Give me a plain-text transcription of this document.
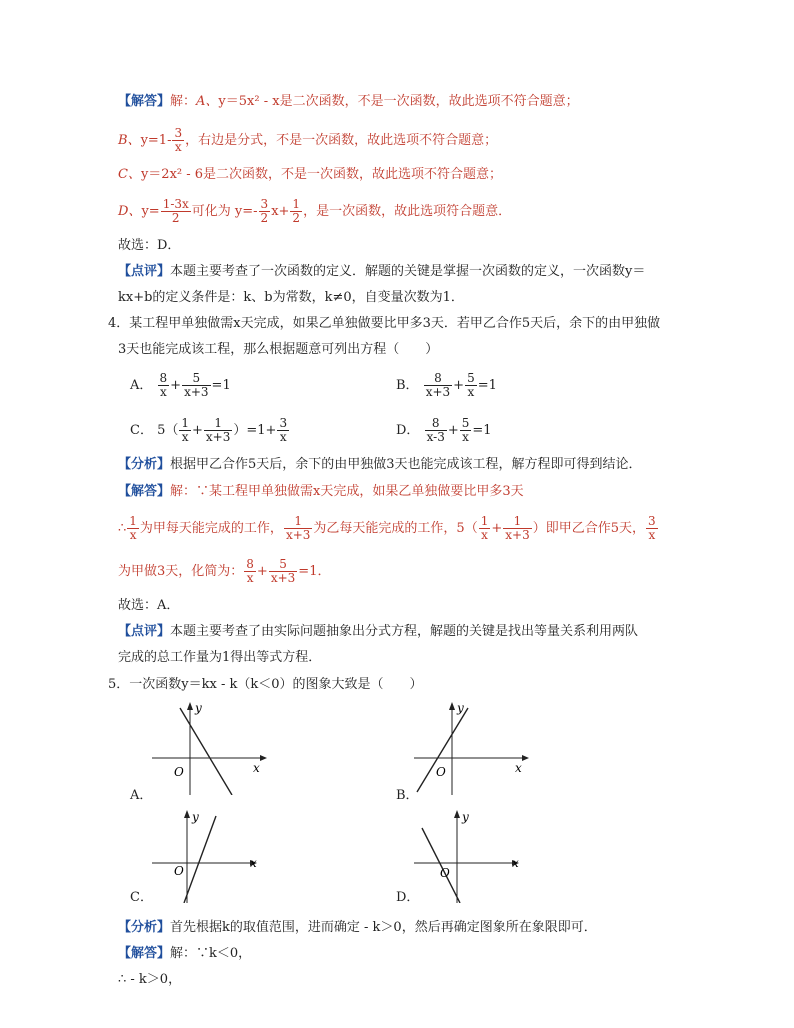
【解答】解：A、y＝5x² - x是二次函数，不是一次函数，故此选项不符合题意；
B、$y=1- \frac{3}{x}$ ，右边是分式，不是一次函数，故此选项不符合题意；
C、y＝2x² - 6是二次函数，不是一次函数，故此选项不符合题意；
D、$y= \frac{1-3x}{2}$ 可化为 $y=- \frac{3}{2} x+ \frac{1}{2}$ ，是一次函数，故此选项符合题意．
故选：D．
【点评】本题主要考查了一次函数的定义．解题的关键是掌握一次函数的定义，一次函数y＝
kx+b的定义条件是：k、b为常数，k≠0，自变量次数为1．
4．某工程甲单独做需x天完成，如果乙单独做要比甲多3天．若甲乙合作5天后，余下的由甲独做
3天也能完成该工程，那么根据题意可列出方程（　　）
A． $\frac{8}{x} + \frac{5}{x+3} =1$	B． $\frac{8}{x+3} + \frac{5}{x} =1$
C． $5( \frac{1}{x} + \frac{1}{x+3} )=1+ \frac{3}{x}$	D． $\frac{8}{x-3} + \frac{5}{x} =1$
【分析】根据甲乙合作5天后，余下的由甲独做3天也能完成该工程，解方程即可得到结论．
【解答】解：∵某工程甲单独做需x天完成，如果乙单独做要比甲多3天
∴ $\frac{1}{x}$ 为甲每天能完成的工作， $\frac{1}{x+3}$ 为乙每天能完成的工作，$5( \frac{1}{x} + \frac{1}{x+3}$ ）即甲乙合作5天， $\frac{3}{x}$
为甲做3天，化简为： $\frac{8}{x} + \frac{5}{x+3} =1$．
故选：A．
【点评】本题主要考查了由实际问题抽象出分式方程，解题的关键是找出等量关系利用两队
完成的总工作量为1得出等式方程．
5．一次函数y＝kx - k（k＜0）的图象大致是（　　）
y
x
O
A．
y
x
O
B．
y
x
O
C．
y
x
O
D．
【分析】首先根据k的取值范围，进而确定 - k＞0，然后再确定图象所在象限即可．
【解答】解：∵k＜0，
∴ - k＞0，
